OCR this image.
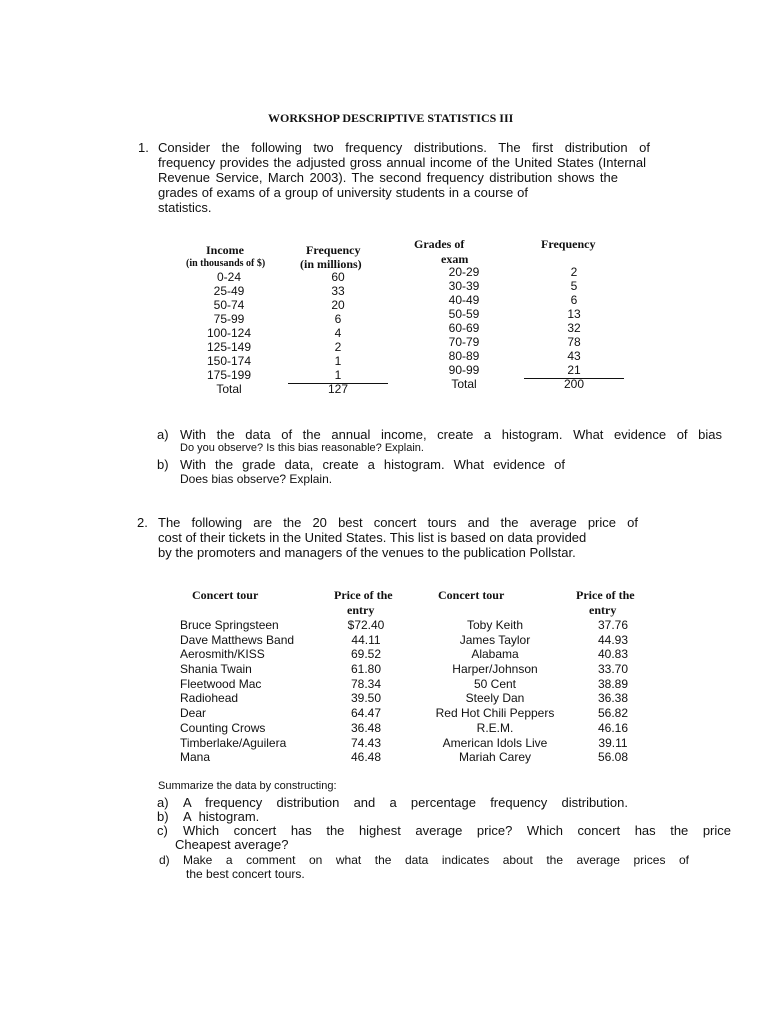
WORKSHOP DESCRIPTIVE STATISTICS III
1. Consider the following two frequency distributions. The first distribution of
frequency provides the adjusted gross annual income of the United States (Internal
Revenue Service, March 2003). The second frequency distribution shows the
grades of exams of a group of university students in a course of
statistics.
Income
(in thousands of $)
Frequency
(in millions)
0-24
25-49
50-74
75-99
100-124
125-149
150-174
175-199
Total
60
33
20
6
4
2
1
1
127
Grades of
exam
Frequency
20-29
30-39
40-49
50-59
60-69
70-79
80-89
90-99
Total
2
5
6
13
32
78
43
21
200
a) With the data of the annual income, create a histogram. What evidence of bias
Do you observe? Is this bias reasonable? Explain.
b) With the grade data, create a histogram. What evidence of
Does bias observe? Explain.
2. The following are the 20 best concert tours and the average price of
cost of their tickets in the United States. This list is based on data provided
by the promoters and managers of the venues to the publication Pollstar.
Concert tour	Price of the
entry
Concert tour	Price of the
entry
Bruce Springsteen
Dave Matthews Band
Aerosmith/KISS
Shania Twain
Fleetwood Mac
Radiohead
Dear
Counting Crows
Timberlake/Aguilera
Mana
$72.40
44.11
69.52
61.80
78.34
39.50
64.47
36.48
74.43
46.48
Toby Keith
James Taylor
Alabama
Harper/Johnson
50 Cent
Steely Dan
Red Hot Chili Peppers
R.E.M.
American Idols Live
Mariah Carey
37.76
44.93
40.83
33.70
38.89
36.38
56.82
46.16
39.11
56.08
Summarize the data by constructing:
a) A frequency distribution and a percentage frequency distribution.
b) A histogram.
c) Which concert has the highest average price? Which concert has the price
Cheapest average?
d) Make a comment on what the data indicates about the average prices of
the best concert tours.
